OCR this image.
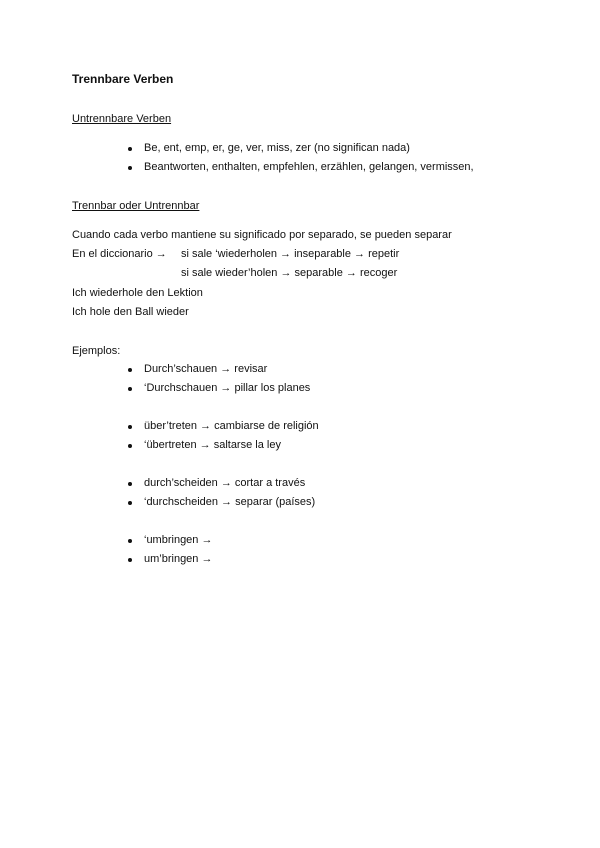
Trennbare Verben
Untrennbare Verben
Be, ent, emp, er, ge, ver, miss, zer (no significan nada)
Beantworten, enthalten, empfehlen, erzählen, gelangen, vermissen,
Trennbar oder Untrennbar
Cuando cada verbo mantiene su significado por separado, se pueden separar
En el diccionario → si sale ‘wiederholen → inseparable → repetir
si sale wieder’holen → separable → recoger
Ich wiederhole den Lektion
Ich hole den Ball wieder
Ejemplos:
Durch’schauen → revisar
‘Durchschauen → pillar los planes
über’treten → cambiarse de religión
‘übertreten → saltarse la ley
durch’scheiden → cortar a través
‘durchscheiden → separar (países)
‘umbringen →
um’bringen →
